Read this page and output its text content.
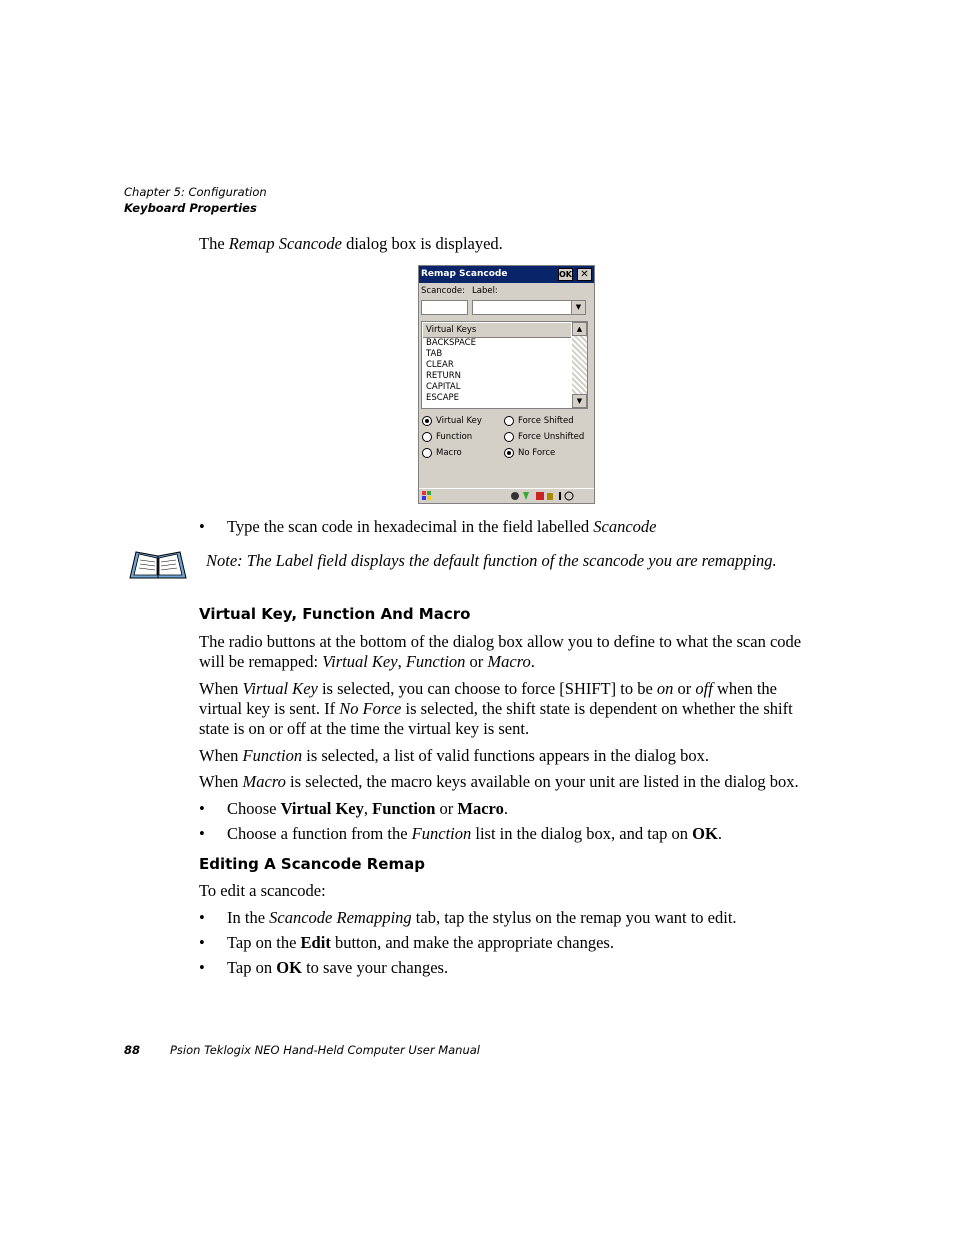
Chapter 5: Configuration
Keyboard Properties
The Remap Scancode dialog box is displayed.
Remap Scancode	OK ✕
Scancode: Label:
▼
Virtual Keys
BACKSPACE
TAB
CLEAR
RETURN
CAPITAL
ESCAPE
▲
▼
Virtual Key
Function
Macro
Force Shifted
Force Unshifted
No Force
• Type the scan code in hexadecimal in the field labelled Scancode
Note: The Label field displays the default function of the scancode you are remapping.
Virtual Key, Function And Macro
The radio buttons at the bottom of the dialog box allow you to define to what the scan code will be remapped: Virtual Key, Function or Macro.
When Virtual Key is selected, you can choose to force [SHIFT] to be on or off when the virtual key is sent. If No Force is selected, the shift state is dependent on whether the shift state is on or off at the time the virtual key is sent.
When Function is selected, a list of valid functions appears in the dialog box.
When Macro is selected, the macro keys available on your unit are listed in the dialog box.
• Choose Virtual Key, Function or Macro.
• Choose a function from the Function list in the dialog box, and tap on OK.
Editing A Scancode Remap
To edit a scancode:
• In the Scancode Remapping tab, tap the stylus on the remap you want to edit.
• Tap on the Edit button, and make the appropriate changes.
• Tap on OK to save your changes.
88	Psion Teklogix NEO Hand-Held Computer User Manual
